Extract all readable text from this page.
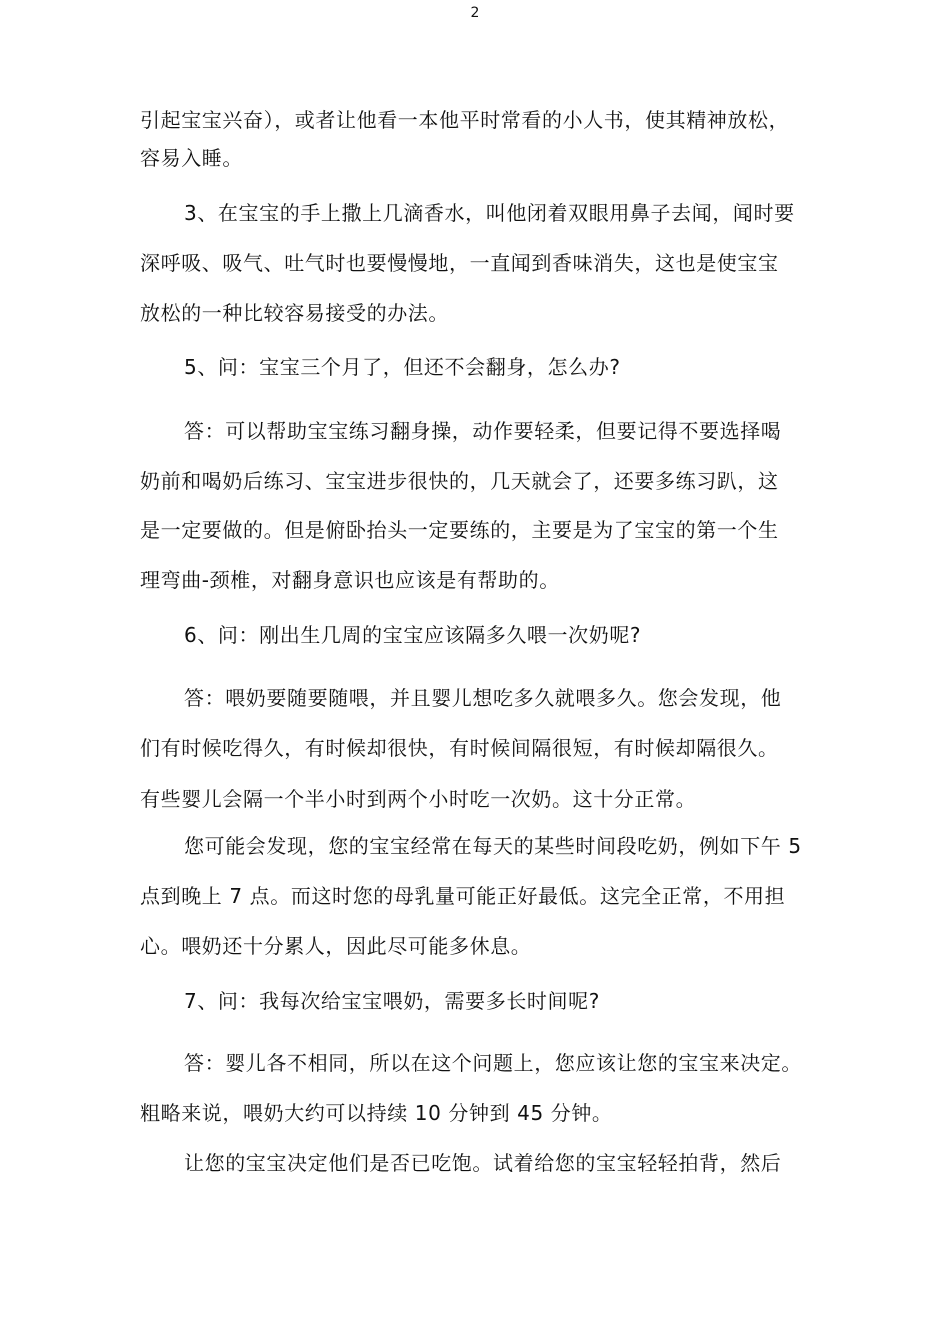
2
引起宝宝兴奋），或者让他看一本他平时常看的小人书，使其精神放松，
容易入睡。
3、在宝宝的手上撒上几滴香水，叫他闭着双眼用鼻子去闻，闻时要
深呼吸、吸气、吐气时也要慢慢地，一直闻到香味消失，这也是使宝宝
放松的一种比较容易接受的办法。
5、问：宝宝三个月了，但还不会翻身，怎么办?
答：可以帮助宝宝练习翻身操，动作要轻柔，但要记得不要选择喝
奶前和喝奶后练习、宝宝进步很快的，几天就会了，还要多练习趴，这
是一定要做的。但是俯卧抬头一定要练的，主要是为了宝宝的第一个生
理弯曲-颈椎，对翻身意识也应该是有帮助的。
6、问：刚出生几周的宝宝应该隔多久喂一次奶呢?
答：喂奶要随要随喂，并且婴儿想吃多久就喂多久。您会发现，他
们有时候吃得久，有时候却很快，有时候间隔很短，有时候却隔很久。
有些婴儿会隔一个半小时到两个小时吃一次奶。这十分正常。
您可能会发现，您的宝宝经常在每天的某些时间段吃奶，例如下午 5
点到晚上 7 点。而这时您的母乳量可能正好最低。这完全正常，不用担
心。喂奶还十分累人，因此尽可能多休息。
7、问：我每次给宝宝喂奶，需要多长时间呢?
答：婴儿各不相同，所以在这个问题上，您应该让您的宝宝来决定。
粗略来说，喂奶大约可以持续 10 分钟到 45 分钟。
让您的宝宝决定他们是否已吃饱。试着给您的宝宝轻轻拍背，然后
